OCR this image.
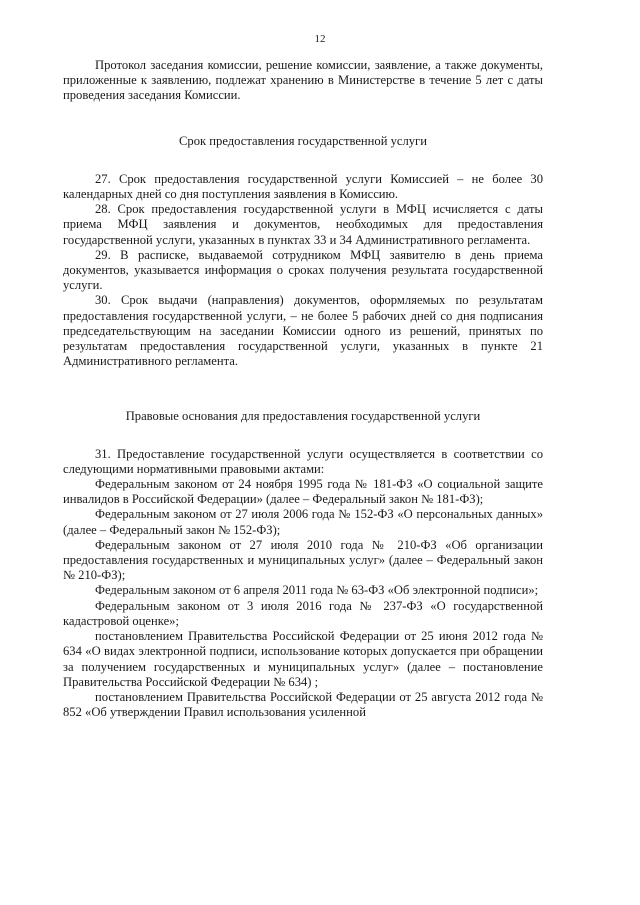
12

Протокол заседания комиссии, решение комиссии, заявление, а также документы, приложенные к заявлению, подлежат хранению в Министерстве в течение 5 лет с даты проведения заседания Комиссии.

Срок предоставления государственной услуги

27. Срок предоставления государственной услуги Комиссией – не более 30 календарных дней со дня поступления заявления в Комиссию.

28. Срок предоставления государственной услуги в МФЦ исчисляется с даты приема МФЦ заявления и документов, необходимых для предоставления государственной услуги, указанных в пунктах 33 и 34 Административного регламента.

29. В расписке, выдаваемой сотрудником МФЦ заявителю в день приема документов, указывается информация о сроках получения результата государственной услуги.

30. Срок выдачи (направления) документов, оформляемых по результатам предоставления государственной услуги, – не более 5 рабочих дней со дня подписания председательствующим на заседании Комиссии одного из решений, принятых по результатам предоставления государственной услуги, указанных в пункте 21 Административного регламента.

Правовые основания для предоставления государственной услуги

31. Предоставление государственной услуги осуществляется в соответствии со следующими нормативными правовыми актами:

Федеральным законом от 24 ноября 1995 года № 181-ФЗ «О социальной защите инвалидов в Российской Федерации» (далее – Федеральный закон № 181-ФЗ);

Федеральным законом от 27 июля 2006 года № 152-ФЗ «О персональных данных» (далее – Федеральный закон № 152-ФЗ);

Федеральным законом от 27 июля 2010 года № 210-ФЗ «Об организации предоставления государственных и муниципальных услуг» (далее – Федеральный закон № 210-ФЗ);

Федеральным законом от 6 апреля 2011 года № 63-ФЗ «Об электронной подписи»;

Федеральным законом от 3 июля 2016 года № 237-ФЗ «О государственной кадастровой оценке»;

постановлением Правительства Российской Федерации от 25 июня 2012 года № 634 «О видах электронной подписи, использование которых допускается при обращении за получением государственных и муниципальных услуг» (далее – постановление Правительства Российской Федерации № 634) ;

постановлением Правительства Российской Федерации от 25 августа 2012 года № 852 «Об утверждении Правил использования усиленной
